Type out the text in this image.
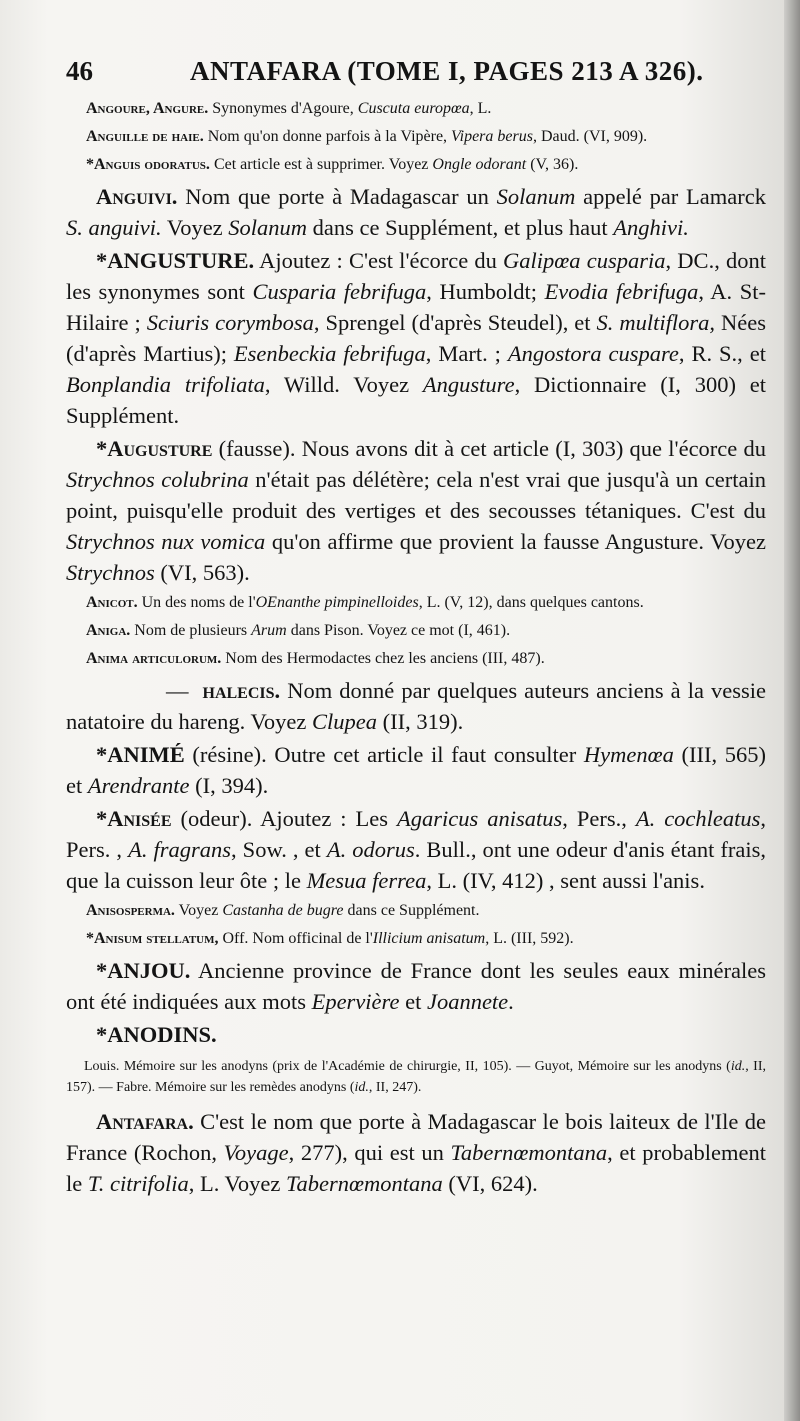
46	ANTAFARA (TOME I, PAGES 213 A 326).

Angoure, Angure. Synonymes d'Agoure, Cuscuta europœa, L.

Anguille de haie. Nom qu'on donne parfois à la Vipère, Vipera berus, Daud. (VI, 909).

*Anguis odoratus. Cet article est à supprimer. Voyez Ongle odorant (V, 36).

Anguivi. Nom que porte à Madagascar un Solanum appelé par Lamarck S. anguivi. Voyez Solanum dans ce Supplément, et plus haut Anghivi.

*ANGUSTURE. Ajoutez : C'est l'écorce du Galipœa cusparia, DC., dont les synonymes sont Cusparia febrifuga, Humboldt; Evodia febrifuga, A. St-Hilaire ; Sciuris corymbosa, Sprengel (d'après Steudel), et S. multiflora, Nées (d'après Martius); Esenbeckia febrifuga, Mart. ; Angostora cuspare, R. S., et Bonplandia trifoliata, Willd. Voyez Angusture, Dictionnaire (I, 300) et Supplément.

*Augusture (fausse). Nous avons dit à cet article (I, 303) que l'écorce du Strychnos colubrina n'était pas délétère; cela n'est vrai que jusqu'à un certain point, puisqu'elle produit des vertiges et des secousses tétaniques. C'est du Strychnos nux vomica qu'on affirme que provient la fausse Angusture. Voyez Strychnos (VI, 563).

Anicot. Un des noms de l'OEnanthe pimpinelloides, L. (V, 12), dans quelques cantons.

Aniga. Nom de plusieurs Arum dans Pison. Voyez ce mot (I, 461).

Anima articulorum. Nom des Hermodactes chez les anciens (III, 487).

— halecis. Nom donné par quelques auteurs anciens à la vessie natatoire du hareng. Voyez Clupea (II, 319).

*ANIMÉ (résine). Outre cet article il faut consulter Hymenœa (III, 565) et Arendrante (I, 394).

*Anisée (odeur). Ajoutez : Les Agaricus anisatus, Pers., A. cochleatus, Pers. , A. fragrans, Sow. , et A. odorus. Bull., ont une odeur d'anis étant frais, que la cuisson leur ôte ; le Mesua ferrea, L. (IV, 412) , sent aussi l'anis.

Anisosperma. Voyez Castanha de bugre dans ce Supplément.

*Anisum stellatum, Off. Nom officinal de l'Illicium anisatum, L. (III, 592).

*ANJOU. Ancienne province de France dont les seules eaux minérales ont été indiquées aux mots Epervière et Joannete.

*ANODINS.

Louis. Mémoire sur les anodyns (prix de l'Académie de chirurgie, II, 105). — Guyot, Mémoire sur les anodyns (id., II, 157). — Fabre. Mémoire sur les remèdes anodyns (id., II, 247).

Antafara. C'est le nom que porte à Madagascar le bois laiteux de l'Ile de France (Rochon, Voyage, 277), qui est un Tabernœmontana, et probablement le T. citrifolia, L. Voyez Tabernœmontana (VI, 624).
